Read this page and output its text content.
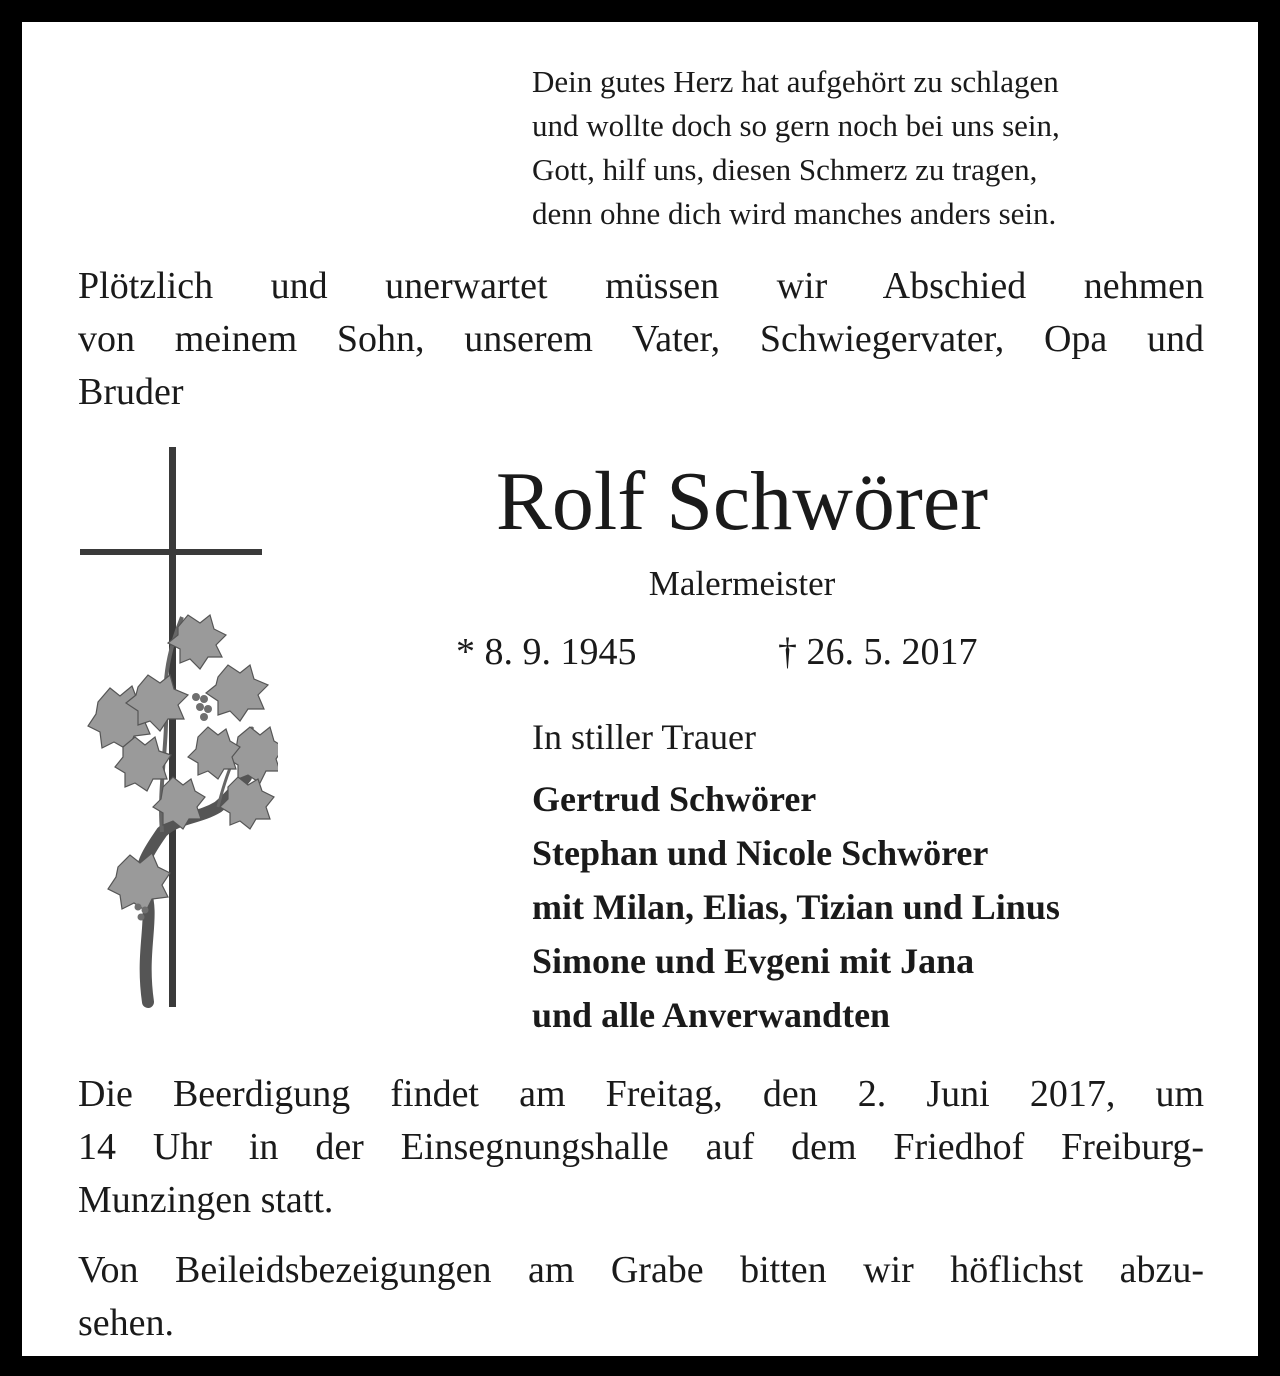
Dein gutes Herz hat aufgehört zu schlagen
und wollte doch so gern noch bei uns sein,
Gott, hilf uns, diesen Schmerz zu tragen,
denn ohne dich wird manches anders sein.
Plötzlich und unerwartet müssen wir Abschied nehmen
von meinem Sohn, unserem Vater, Schwiegervater, Opa und
Bruder
Rolf Schwörer
Malermeister
* 8. 9. 1945	† 26. 5. 2017
In stiller Trauer
Gertrud Schwörer
Stephan und Nicole Schwörer
mit Milan, Elias, Tizian und Linus
Simone und Evgeni mit Jana
und alle Anverwandten
Die Beerdigung findet am Freitag, den 2. Juni 2017, um
14 Uhr in der Einsegnungshalle auf dem Friedhof Freiburg-
Munzingen statt.
Von Beileidsbezeigungen am Grabe bitten wir höflichst abzu-
sehen.
